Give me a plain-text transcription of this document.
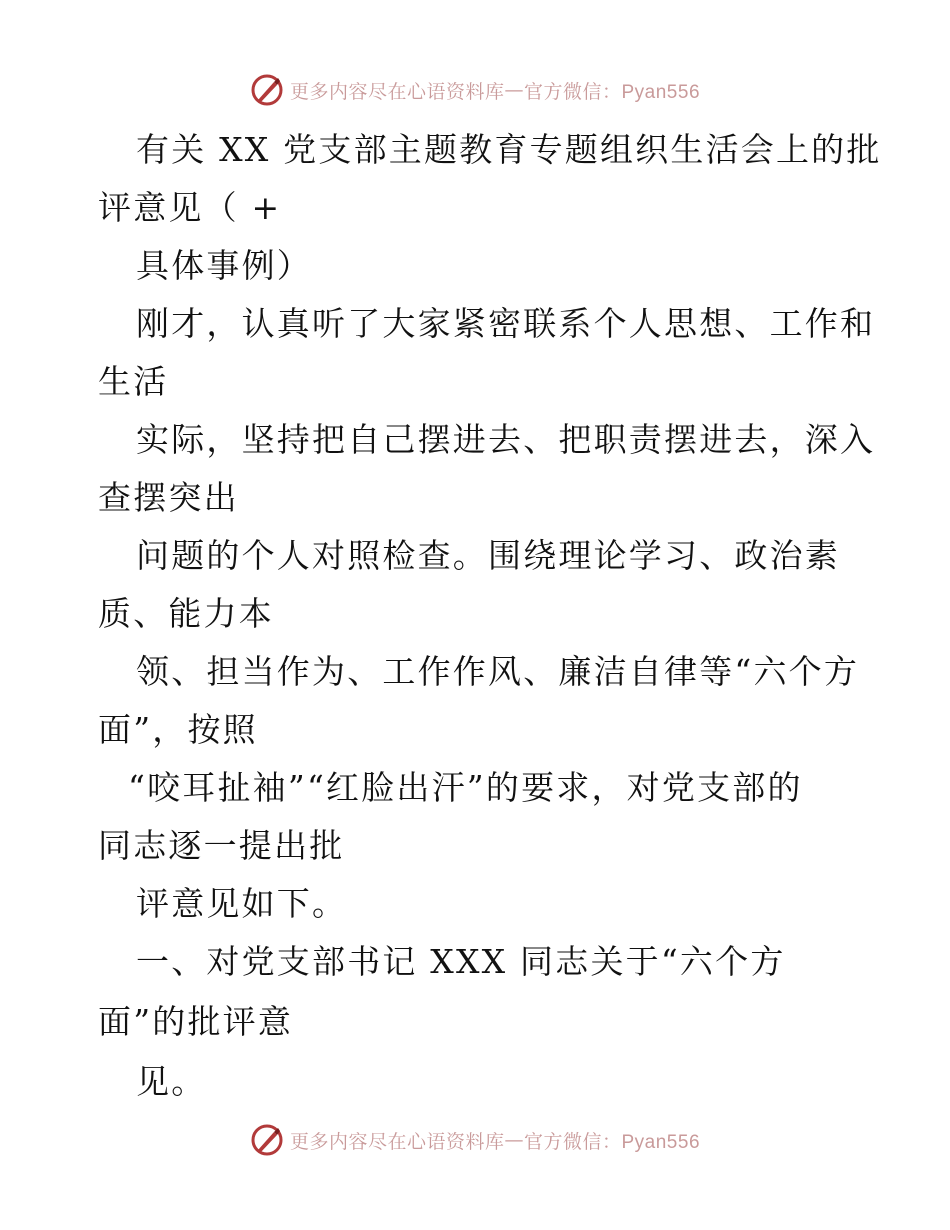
更多内容尽在心语资料库 — 官方微信：Pyan556
有关 XX 党支部主题教育专题组织生活会上的批
评意见（ +
具体事例）
刚才，认真听了大家紧密联系个人思想、工作和
生活
实际，坚持把自己摆进去、把职责摆进去，深入
查摆突出
问题的个人对照检查。围绕理论学习、政治素
质、能力本
领、担当作为、工作作风、廉洁自律等“六个方
面”，按照
“咬耳扯袖”“红脸出汗”的要求，对党支部的
同志逐一提出批
评意见如下。
一、对党支部书记 XXX 同志关于“六个方
面”的批评意
见。
更多内容尽在心语资料库 — 官方微信：Pyan556
